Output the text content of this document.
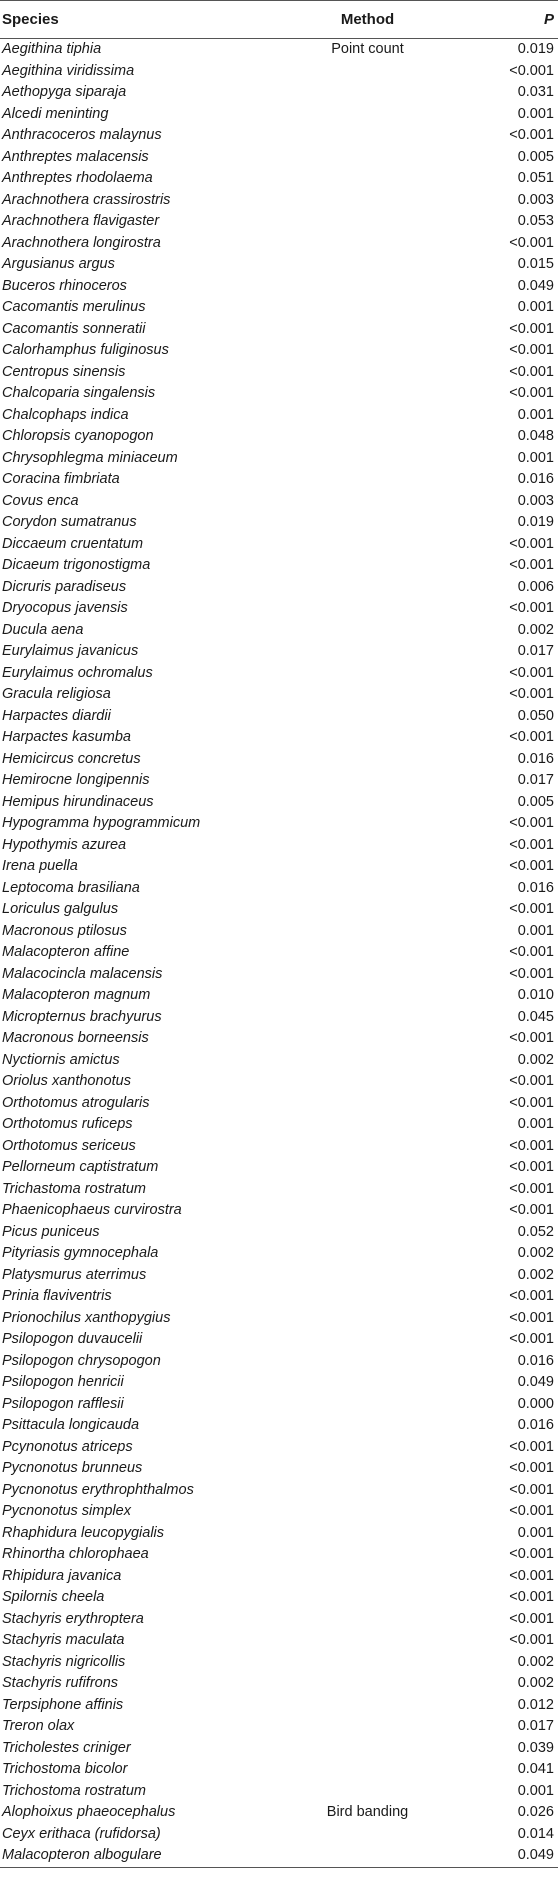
Species	Method	P
Aegithina tiphia	Point count	0.019
Aegithina viridissima		<0.001
Aethopyga siparaja		0.031
Alcedi meninting		0.001
Anthracoceros malaynus		<0.001
Anthreptes malacensis		0.005
Anthreptes rhodolaema		0.051
Arachnothera crassirostris		0.003
Arachnothera flavigaster		0.053
Arachnothera longirostra		<0.001
Argusianus argus		0.015
Buceros rhinoceros		0.049
Cacomantis merulinus		0.001
Cacomantis sonneratii		<0.001
Calorhamphus fuliginosus		<0.001
Centropus sinensis		<0.001
Chalcoparia singalensis		<0.001
Chalcophaps indica		0.001
Chloropsis cyanopogon		0.048
Chrysophlegma miniaceum		0.001
Coracina fimbriata		0.016
Covus enca		0.003
Corydon sumatranus		0.019
Diccaeum cruentatum		<0.001
Dicaeum trigonostigma		<0.001
Dicruris paradiseus		0.006
Dryocopus javensis		<0.001
Ducula aena		0.002
Eurylaimus javanicus		0.017
Eurylaimus ochromalus		<0.001
Gracula religiosa		<0.001
Harpactes diardii		0.050
Harpactes kasumba		<0.001
Hemicircus concretus		0.016
Hemirocne longipennis		0.017
Hemipus hirundinaceus		0.005
Hypogramma hypogrammicum		<0.001
Hypothymis azurea		<0.001
Irena puella		<0.001
Leptocoma brasiliana		0.016
Loriculus galgulus		<0.001
Macronous ptilosus		0.001
Malacopteron affine		<0.001
Malacocincla malacensis		<0.001
Malacopteron magnum		0.010
Micropternus brachyurus		0.045
Macronous borneensis		<0.001
Nyctiornis amictus		0.002
Oriolus xanthonotus		<0.001
Orthotomus atrogularis		<0.001
Orthotomus ruficeps		0.001
Orthotomus sericeus		<0.001
Pellorneum captistratum		<0.001
Trichastoma rostratum		<0.001
Phaenicophaeus curvirostra		<0.001
Picus puniceus		0.052
Pityriasis gymnocephala		0.002
Platysmurus aterrimus		0.002
Prinia flaviventris		<0.001
Prionochilus xanthopygius		<0.001
Psilopogon duvaucelii		<0.001
Psilopogon chrysopogon		0.016
Psilopogon henricii		0.049
Psilopogon rafflesii		0.000
Psittacula longicauda		0.016
Pcynonotus atriceps		<0.001
Pycnonotus brunneus		<0.001
Pycnonotus erythrophthalmos		<0.001
Pycnonotus simplex		<0.001
Rhaphidura leucopygialis		0.001
Rhinortha chlorophaea		<0.001
Rhipidura javanica		<0.001
Spilornis cheela		<0.001
Stachyris erythroptera		<0.001
Stachyris maculata		<0.001
Stachyris nigricollis		0.002
Stachyris rufifrons		0.002
Terpsiphone affinis		0.012
Treron olax		0.017
Tricholestes criniger		0.039
Trichostoma bicolor		0.041
Trichostoma rostratum		0.001
Alophoixus phaeocephalus	Bird banding	0.026
Ceyx erithaca (rufidorsa)		0.014
Malacopteron albogulare		0.049
